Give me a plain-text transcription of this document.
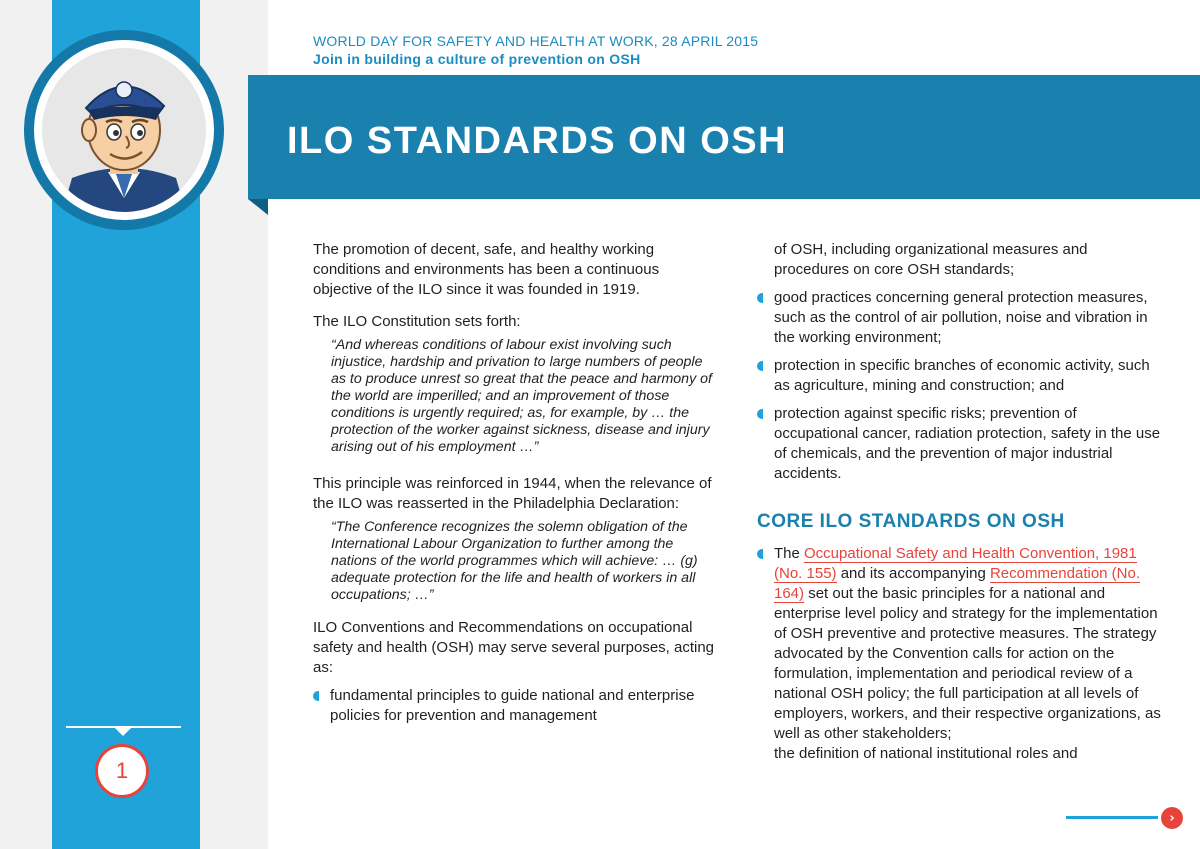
1
WORLD DAY FOR SAFETY AND HEALTH AT WORK, 28 APRIL 2015
Join in building a culture of prevention on OSH
ILO STANDARDS ON OSH

The promotion of decent, safe, and healthy working conditions and environments has been a continuous objective of the ILO since it was founded in 1919.

The ILO Constitution sets forth:

“And whereas conditions of labour exist involving such injustice, hardship and privation to large numbers of people as to produce unrest so great that the peace and harmony of the world are imperilled; and an improvement of those conditions is urgently required; as, for example, by … the protection of the worker against sickness, disease and injury arising out of his employment …”

This principle was reinforced in 1944, when the relevance of the ILO was reasserted in the Philadelphia Declaration:

“The Conference recognizes the solemn obligation of the International Labour Organization to further among the nations of the world programmes which will achieve: … (g) adequate protection for the life and health of workers in all occupations; …”

ILO Conventions and Recommendations on occupational safety and health (OSH) may serve several purposes, acting as:

fundamental principles to guide national and enterprise policies for prevention and management

of OSH, including organizational measures and procedures on core OSH standards;

good practices concerning general protection measures, such as the control of air pollution, noise and vibration in the working environment;
protection in specific branches of economic activity, such as agriculture, mining and construction; and
protection against specific risks; prevention of occupational cancer, radiation protection, safety in the use of chemicals, and the prevention of major industrial accidents.

CORE ILO STANDARDS ON OSH

The Occupational Safety and Health Convention, 1981 (No. 155) and its accompanying Recommendation (No. 164) set out the basic principles for a national and enterprise level policy and strategy for the implementation of OSH preventive and protective measures. The strategy advocated by the Convention calls for action on the formulation, implementation and periodical review of a national OSH policy; the full participation at all levels of employers, workers, and their respective organizations, as well as other stakeholders;

the definition of national institutional roles and

›
